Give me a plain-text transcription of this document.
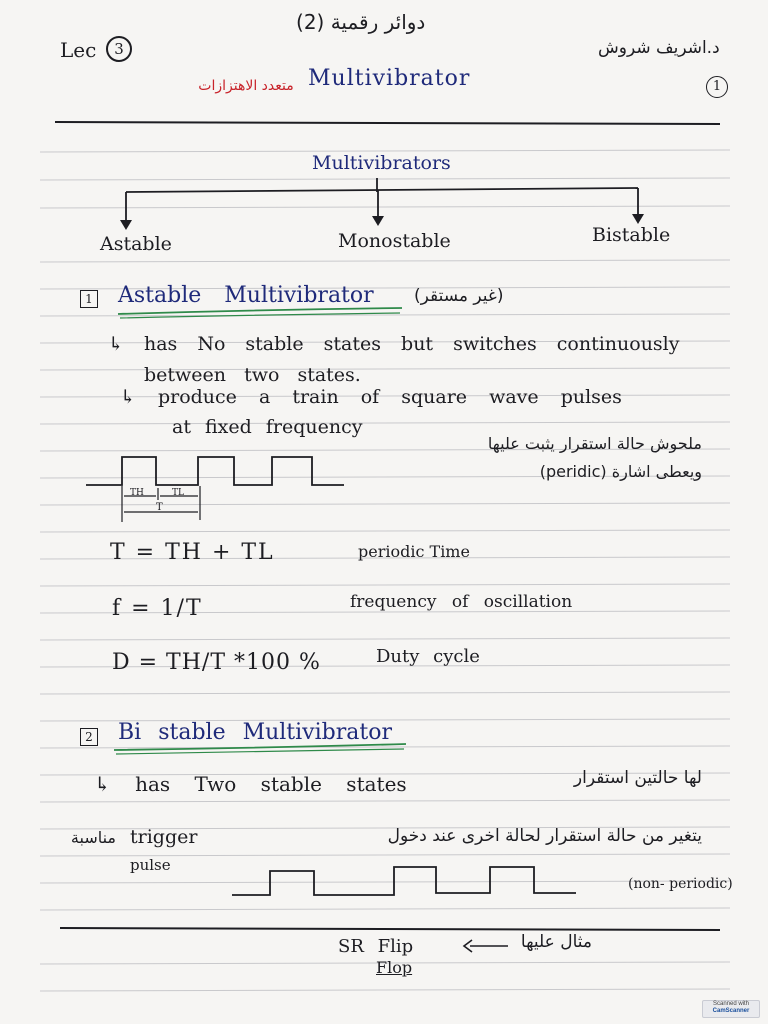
دوائر رقمية (2)
Lec	3	د.اشريف شروش
1
Multivibrator
متعدد الاهتزازات
Multivibrators
Astable	Monostable	Bistable
1 Astable Multivibrator (غير مستقر)
↳ has No stable states but switches continuously
between two states.
↳ produce a train of square wave pulses
at fixed frequency
ملحوش حالة استقرار يثبت عليها
ويعطى اشارة (peridic)
TH	TL
T
T = TH + TL	periodic Time
f = 1/T	frequency of oscillation
D = TH/T *100 %	Duty cycle
2 Bi stable Multivibrator
↳ has Two stable states	لها حالتين استقرار
مناسبة trigger	يتغير من حالة استقرار لحالة اخرى عند دخول
pulse
(non- periodic)
مثال عليها
SR Flip
Flop
Scanned with
CamScanner
